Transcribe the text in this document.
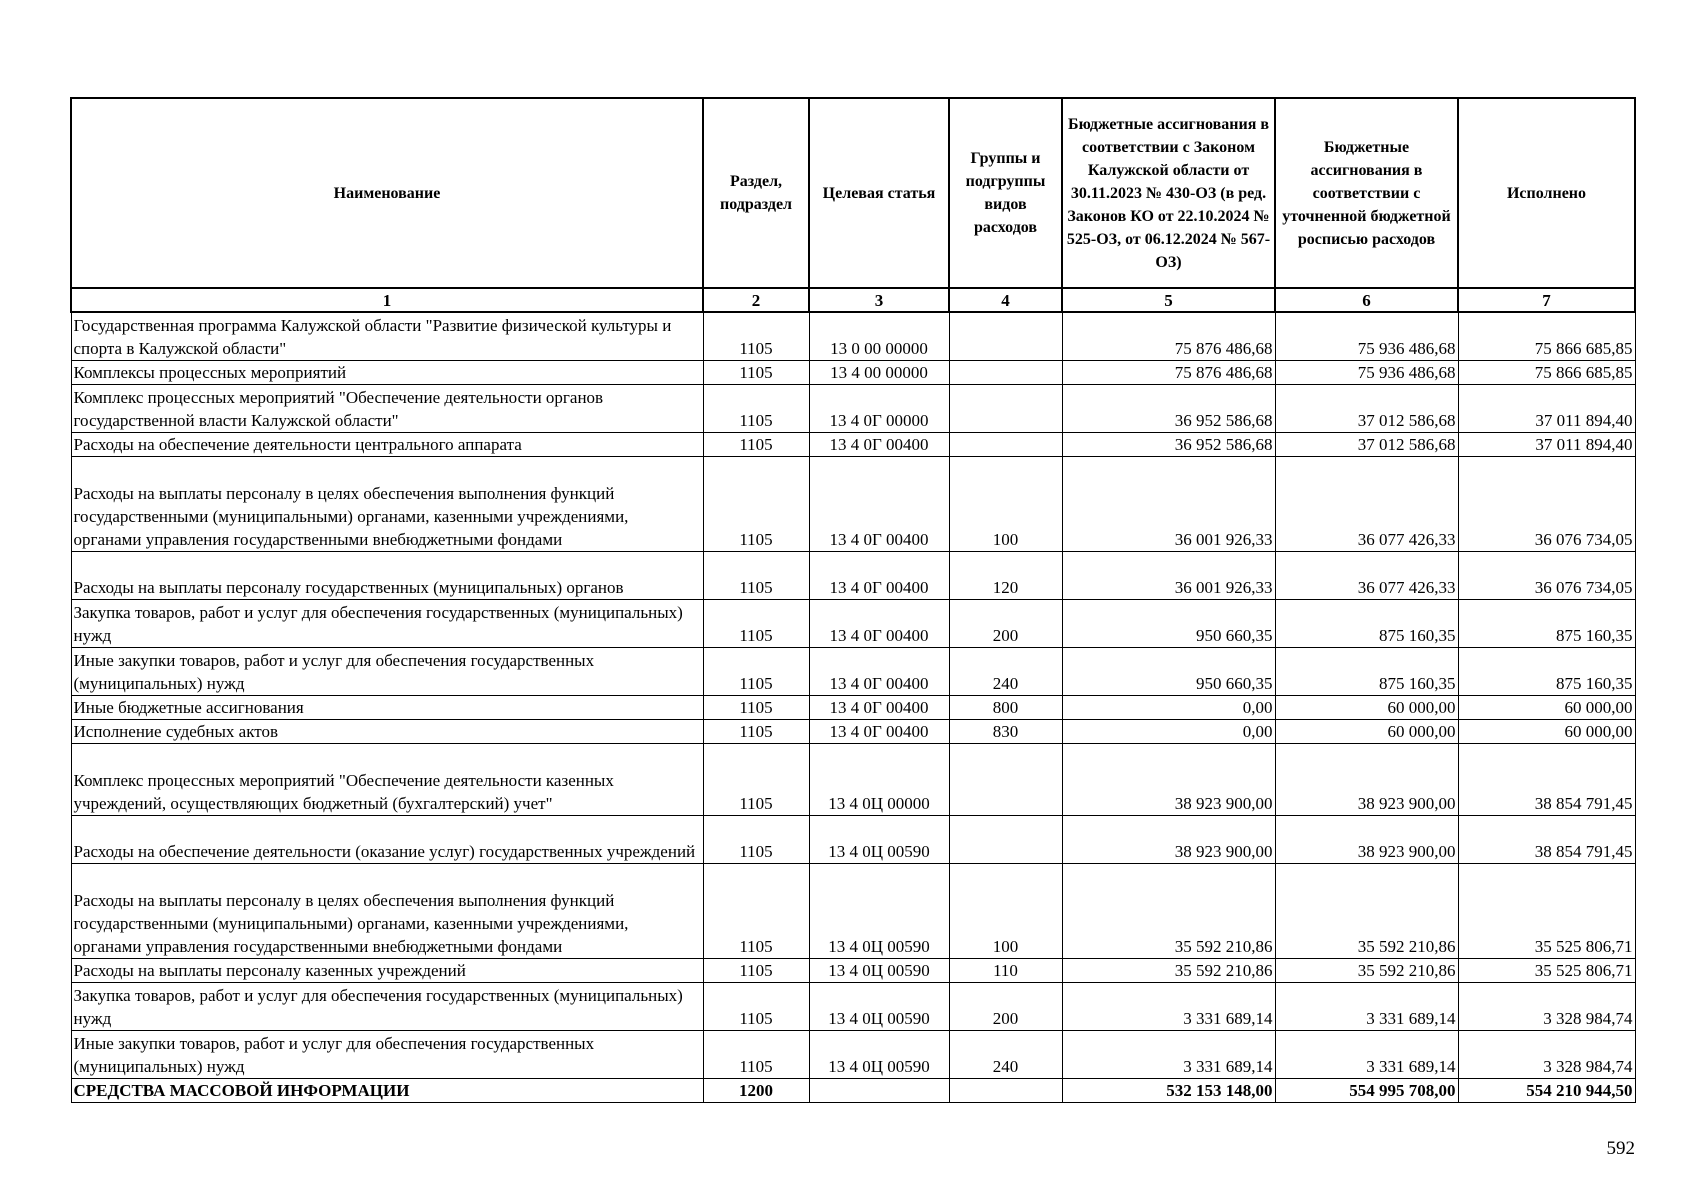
Наименование	Раздел, подраздел	Целевая статья	Группы и подгруппы видов расходов	Бюджетные ассигнования в соответствии с Законом Калужской области от 30.11.2023 № 430-ОЗ (в ред. Законов КО от 22.10.2024 № 525-ОЗ, от 06.12.2024 № 567-ОЗ)	Бюджетные ассигнования в соответствии с уточненной бюджетной росписью расходов	Исполнено
1	2	3	4	5	6	7
Государственная программа Калужской области "Развитие физической культуры и спорта в Калужской области"	1105	13 0 00 00000		75 876 486,68	75 936 486,68	75 866 685,85
Комплексы процессных мероприятий	1105	13 4 00 00000		75 876 486,68	75 936 486,68	75 866 685,85
Комплекс процессных мероприятий "Обеспечение деятельности органов государственной власти Калужской области"	1105	13 4 0Г 00000		36 952 586,68	37 012 586,68	37 011 894,40
Расходы на обеспечение деятельности центрального аппарата	1105	13 4 0Г 00400		36 952 586,68	37 012 586,68	37 011 894,40
Расходы на выплаты персоналу в целях обеспечения выполнения функций государственными (муниципальными) органами, казенными учреждениями, органами управления государственными внебюджетными фондами	1105	13 4 0Г 00400	100	36 001 926,33	36 077 426,33	36 076 734,05
Расходы на выплаты персоналу государственных (муниципальных) органов	1105	13 4 0Г 00400	120	36 001 926,33	36 077 426,33	36 076 734,05
Закупка товаров, работ и услуг для обеспечения государственных (муниципальных) нужд	1105	13 4 0Г 00400	200	950 660,35	875 160,35	875 160,35
Иные закупки товаров, работ и услуг для обеспечения государственных (муниципальных) нужд	1105	13 4 0Г 00400	240	950 660,35	875 160,35	875 160,35
Иные бюджетные ассигнования	1105	13 4 0Г 00400	800	0,00	60 000,00	60 000,00
Исполнение судебных актов	1105	13 4 0Г 00400	830	0,00	60 000,00	60 000,00
Комплекс процессных мероприятий "Обеспечение деятельности казенных учреждений, осуществляющих бюджетный (бухгалтерский) учет"	1105	13 4 0Ц 00000		38 923 900,00	38 923 900,00	38 854 791,45
Расходы на обеспечение деятельности (оказание услуг) государственных учреждений	1105	13 4 0Ц 00590		38 923 900,00	38 923 900,00	38 854 791,45
Расходы на выплаты персоналу в целях обеспечения выполнения функций государственными (муниципальными) органами, казенными учреждениями, органами управления государственными внебюджетными фондами	1105	13 4 0Ц 00590	100	35 592 210,86	35 592 210,86	35 525 806,71
Расходы на выплаты персоналу казенных учреждений	1105	13 4 0Ц 00590	110	35 592 210,86	35 592 210,86	35 525 806,71
Закупка товаров, работ и услуг для обеспечения государственных (муниципальных) нужд	1105	13 4 0Ц 00590	200	3 331 689,14	3 331 689,14	3 328 984,74
Иные закупки товаров, работ и услуг для обеспечения государственных (муниципальных) нужд	1105	13 4 0Ц 00590	240	3 331 689,14	3 331 689,14	3 328 984,74
СРЕДСТВА МАССОВОЙ ИНФОРМАЦИИ	1200			532 153 148,00	554 995 708,00	554 210 944,50
592
